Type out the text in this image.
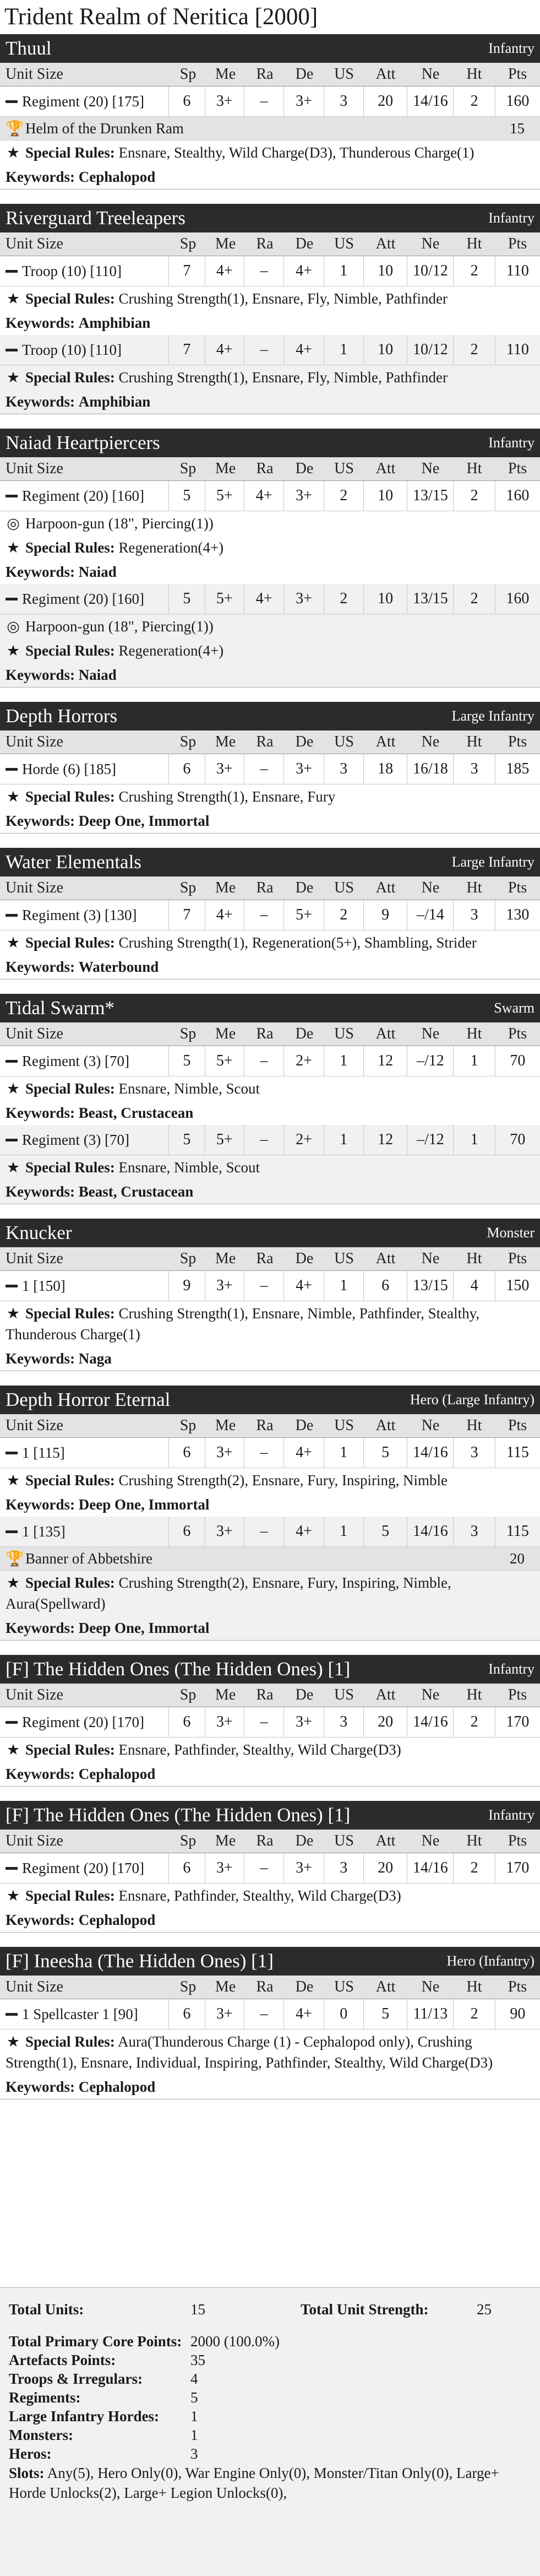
Trident Realm of Neritica [2000]
Thuul	Infantry
Unit Size	Sp	Me	Ra	De	US	Att	Ne	Ht	Pts
Regiment (20) [175]	6	3+	–	3+	3	20	14/16	2	160
🏆 Helm of the Drunken Ram	15
★ Special Rules: Ensnare, Stealthy, Wild Charge(D3), Thunderous Charge(1)
Keywords: Cephalopod
Riverguard Treeleapers	Infantry
Unit Size	Sp	Me	Ra	De	US	Att	Ne	Ht	Pts
Troop (10) [110]	7	4+	–	4+	1	10	10/12	2	110
★ Special Rules: Crushing Strength(1), Ensnare, Fly, Nimble, Pathfinder
Keywords: Amphibian
Troop (10) [110]	7	4+	–	4+	1	10	10/12	2	110
★ Special Rules: Crushing Strength(1), Ensnare, Fly, Nimble, Pathfinder
Keywords: Amphibian
Naiad Heartpiercers	Infantry
Unit Size	Sp	Me	Ra	De	US	Att	Ne	Ht	Pts
Regiment (20) [160]	5	5+	4+	3+	2	10	13/15	2	160
◎ Harpoon-gun (18", Piercing(1))
★ Special Rules: Regeneration(4+)
Keywords: Naiad
Regiment (20) [160]	5	5+	4+	3+	2	10	13/15	2	160
◎ Harpoon-gun (18", Piercing(1))
★ Special Rules: Regeneration(4+)
Keywords: Naiad
Depth Horrors	Large Infantry
Unit Size	Sp	Me	Ra	De	US	Att	Ne	Ht	Pts
Horde (6) [185]	6	3+	–	3+	3	18	16/18	3	185
★ Special Rules: Crushing Strength(1), Ensnare, Fury
Keywords: Deep One, Immortal
Water Elementals	Large Infantry
Unit Size	Sp	Me	Ra	De	US	Att	Ne	Ht	Pts
Regiment (3) [130]	7	4+	–	5+	2	9	–/14	3	130
★ Special Rules: Crushing Strength(1), Regeneration(5+), Shambling, Strider
Keywords: Waterbound
Tidal Swarm*	Swarm
Unit Size	Sp	Me	Ra	De	US	Att	Ne	Ht	Pts
Regiment (3) [70]	5	5+	–	2+	1	12	–/12	1	70
★ Special Rules: Ensnare, Nimble, Scout
Keywords: Beast, Crustacean
Regiment (3) [70]	5	5+	–	2+	1	12	–/12	1	70
★ Special Rules: Ensnare, Nimble, Scout
Keywords: Beast, Crustacean
Knucker	Monster
Unit Size	Sp	Me	Ra	De	US	Att	Ne	Ht	Pts
1 [150]	9	3+	–	4+	1	6	13/15	4	150
★ Special Rules: Crushing Strength(1), Ensnare, Nimble, Pathfinder, Stealthy, Thunderous Charge(1)
Keywords: Naga
Depth Horror Eternal	Hero (Large Infantry)
Unit Size	Sp	Me	Ra	De	US	Att	Ne	Ht	Pts
1 [115]	6	3+	–	4+	1	5	14/16	3	115
★ Special Rules: Crushing Strength(2), Ensnare, Fury, Inspiring, Nimble
Keywords: Deep One, Immortal
1 [135]	6	3+	–	4+	1	5	14/16	3	115
🏆 Banner of Abbetshire	20
★ Special Rules: Crushing Strength(2), Ensnare, Fury, Inspiring, Nimble, Aura(Spellward)
Keywords: Deep One, Immortal
[F] The Hidden Ones (The Hidden Ones) [1]	Infantry
Unit Size	Sp	Me	Ra	De	US	Att	Ne	Ht	Pts
Regiment (20) [170]	6	3+	–	3+	3	20	14/16	2	170
★ Special Rules: Ensnare, Pathfinder, Stealthy, Wild Charge(D3)
Keywords: Cephalopod
[F] The Hidden Ones (The Hidden Ones) [1]	Infantry
Unit Size	Sp	Me	Ra	De	US	Att	Ne	Ht	Pts
Regiment (20) [170]	6	3+	–	3+	3	20	14/16	2	170
★ Special Rules: Ensnare, Pathfinder, Stealthy, Wild Charge(D3)
Keywords: Cephalopod
[F] Ineesha (The Hidden Ones) [1]	Hero (Infantry)
Unit Size	Sp	Me	Ra	De	US	Att	Ne	Ht	Pts
1 Spellcaster 1 [90]	6	3+	–	4+	0	5	11/13	2	90
★ Special Rules: Aura(Thunderous Charge (1) - Cephalopod only), Crushing Strength(1), Ensnare, Individual, Inspiring, Pathfinder, Stealthy, Wild Charge(D3)
Keywords: Cephalopod
Total Units:	15	Total Unit Strength:	25
Total Primary Core Points: 2000 (100.0%)
Artefacts Points:	35
Troops & Irregulars:	4
Regiments:	5
Large Infantry Hordes:	1
Monsters:	1
Heros:	3
Slots: Any(5), Hero Only(0), War Engine Only(0), Monster/Titan Only(0), Large+ Horde Unlocks(2), Large+ Legion Unlocks(0),
